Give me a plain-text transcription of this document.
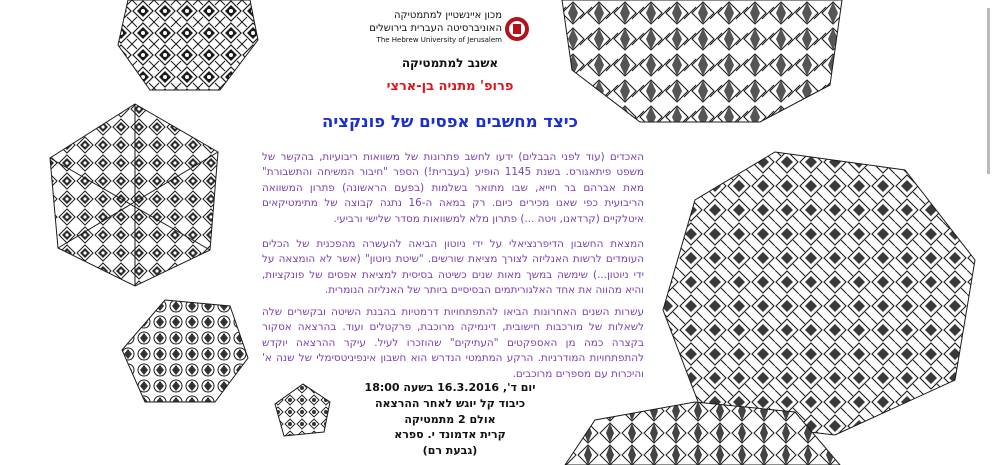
מכון איינשטיין למתמטיקה
האוניברסיטה העברית בירושלים
The Hebrew University of Jerusalem
אשנב למתמטיקה
פרופ' מתניה בן-ארצי
כיצד מחשבים אפסים של פונקציה
האכדים (עוד לפני הבבלים) ידעו לחשב פתרונות של משוואות ריבועיות, בהקשר של משפט פיתאגורס. בשנת 1145 הופיע (בעברית!) הספר "חיבור המשיחה והתשבורת" מאת אברהם בר חייא, שבו מתואר בשלמות (בפעם הראשונה) פתרון המשוואה הריבועית כפי שאנו מכירים כיום. רק במאה ה-16 נתגה קבוצה של מתימטיקאים איטלקיים (קרדאנו, ויטה ...) פתרון מלא למשוואות מסדר שלישי ורביעי.
המצאת החשבון הדיפרנציאלי על ידי ניוטון הביאה להעשרה מהפכנית של הכלים העומדים לרשות האנליזה לצורך מציאת שורשים. "שיטת ניוטון" (אשר לא הומצאה על ידי ניוטון...) שימשה במשך מאות שנים כשיטה בסיסית למציאת אפסים של פונקציות, והיא מהווה את אחד האלגוריתמים הבסיסיים ביותר של האנליזה הנומרית.
עשרות השנים האחרונות הביאו להתפתחויות דרמטיות בהבנת השיטה ובקשרים שלה לשאלות של מורכבות חישובית, דינמיקה מרוכבת, פרקטלים ועוד. בהרצאה אסקור בקצרה כמה מן האספקטים "העתיקים" שהוזכרו לעיל. עיקר ההרצאה יוקדש להתפתחויות המודרניות. הרקע המתמטי הנדרש הוא חשבון אינפיניטסימלי של שנה א' והיכרות עם מספרים מרוכבים.
יום ד', 16.3.2016 בשעה 18:00
כיבוד קל יוגש לאחר ההרצאה
אולם 2 מתמטיקה
קרית אדמונד י. ספרא
(גבעת רם)
